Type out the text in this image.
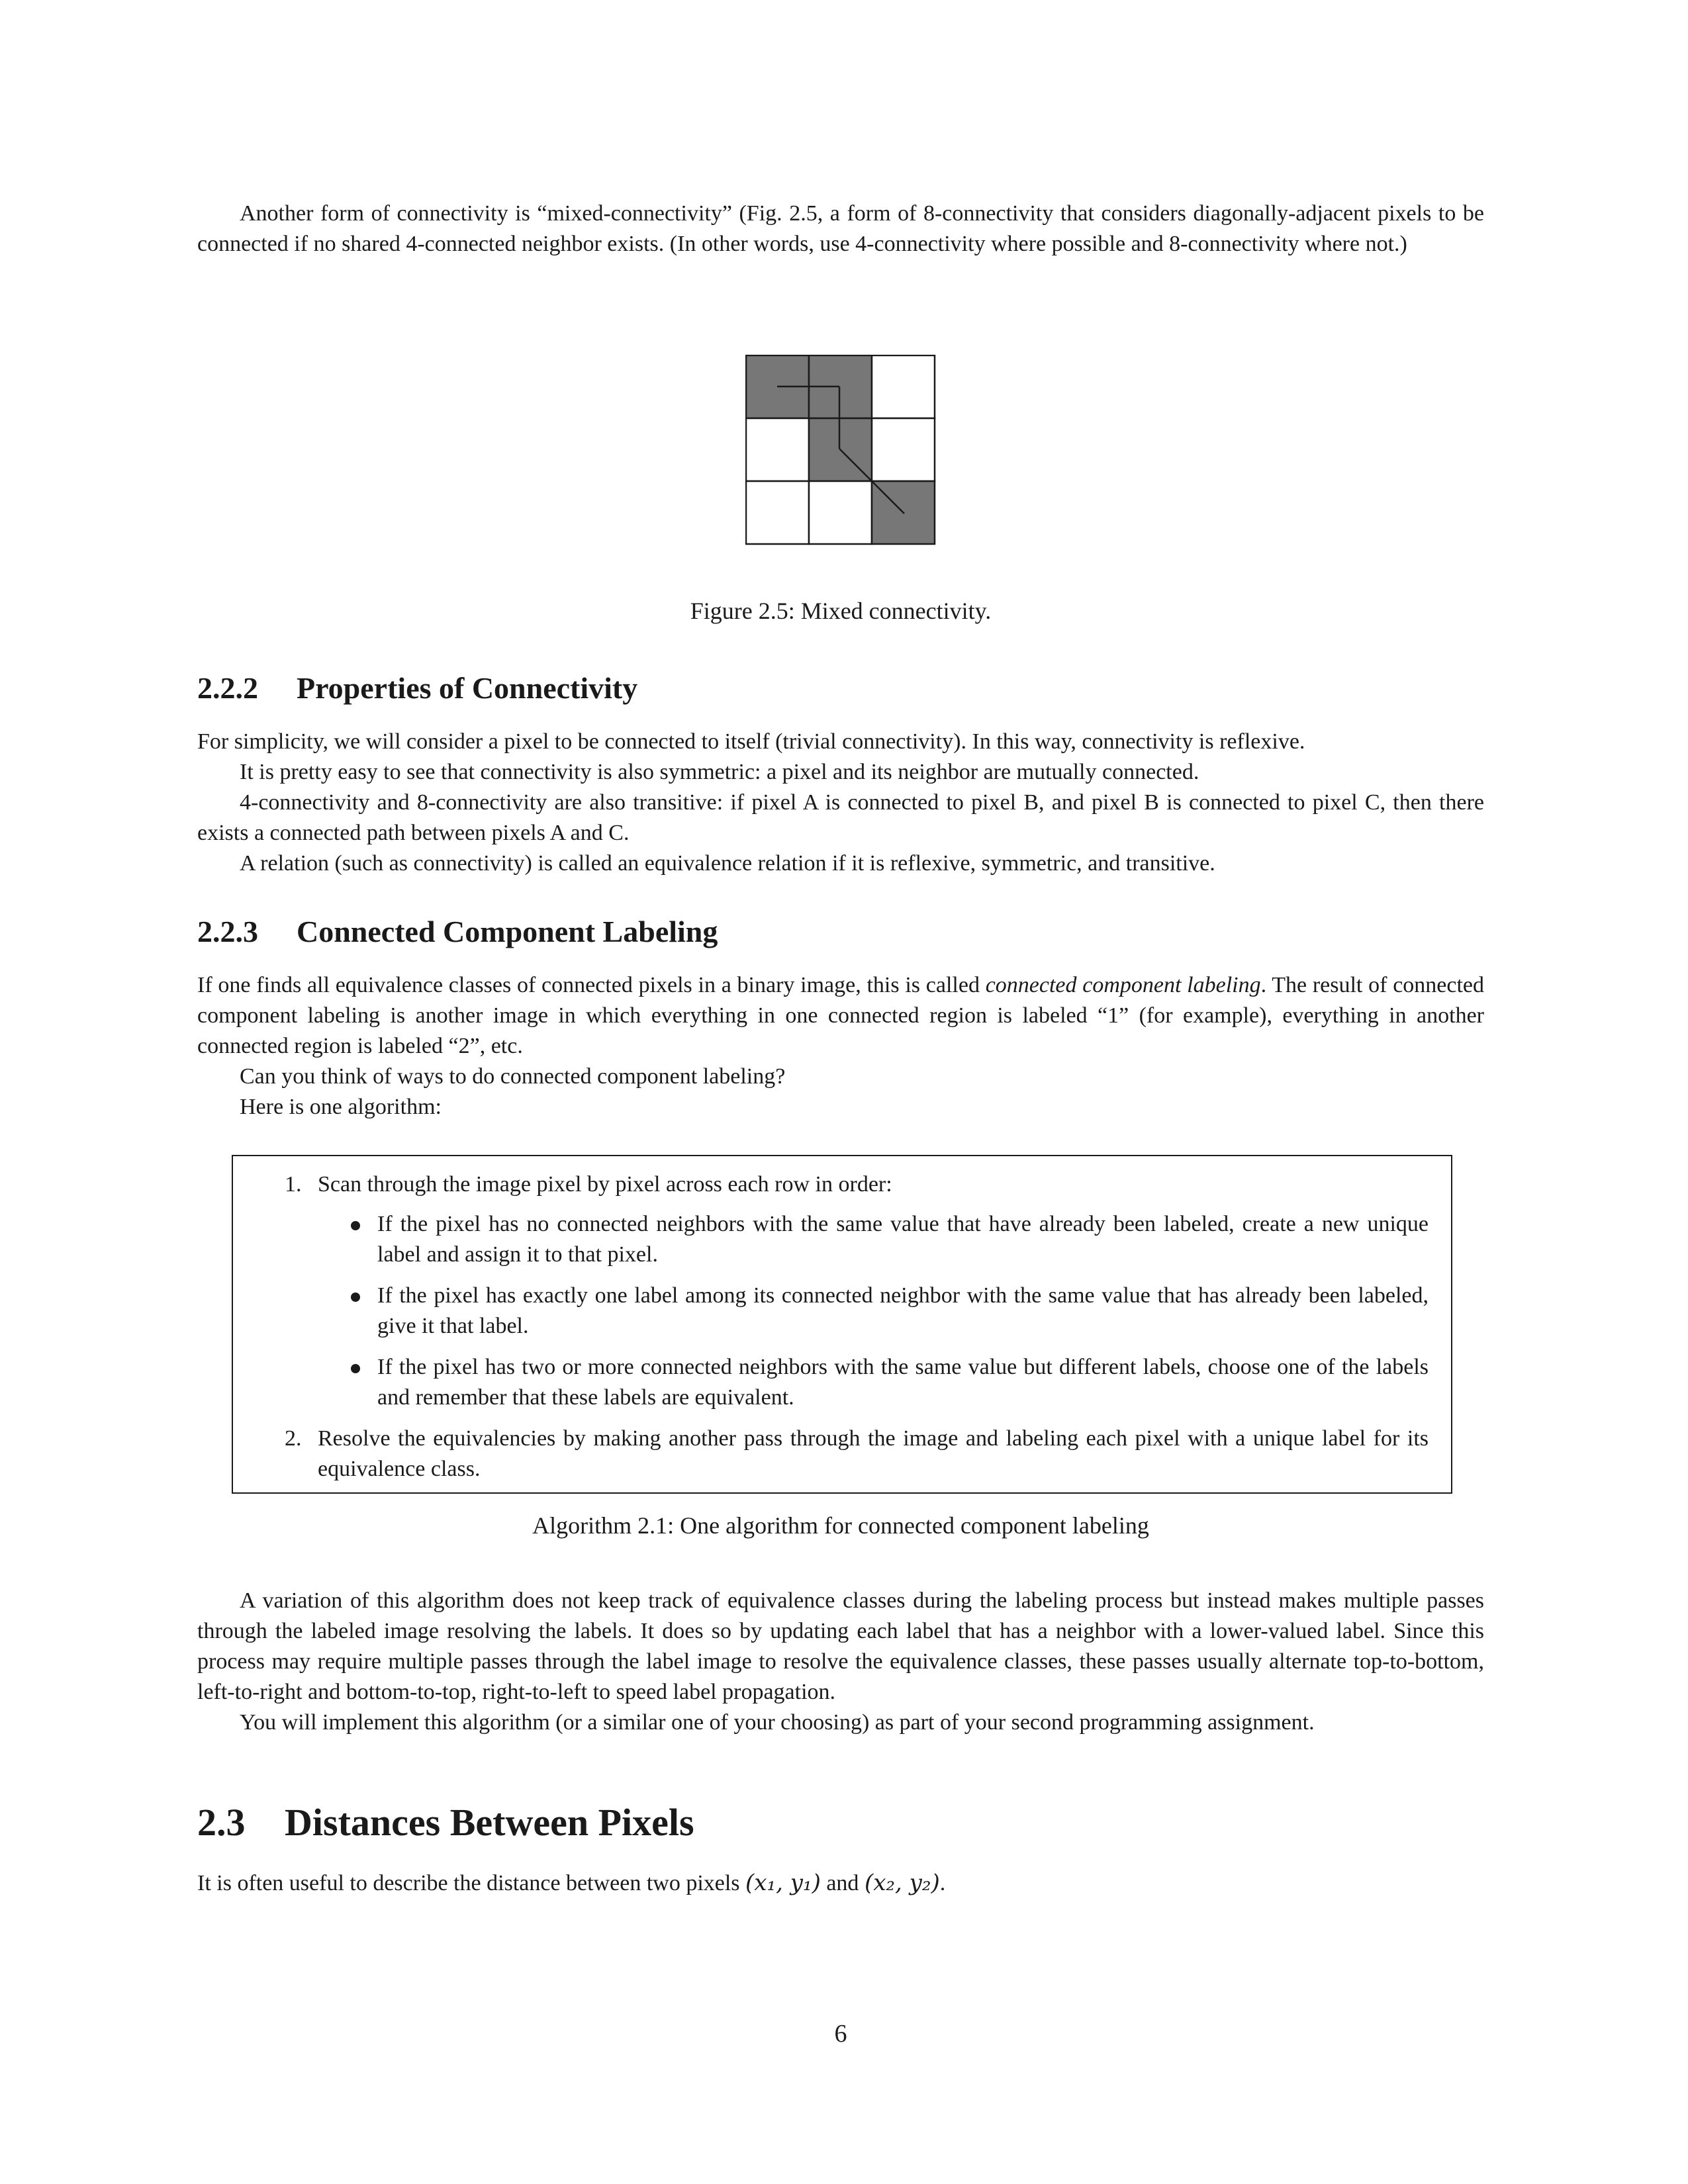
Another form of connectivity is “mixed-connectivity” (Fig. 2.5, a form of 8-connectivity that considers diagonally-adjacent pixels to be connected if no shared 4-connected neighbor exists. (In other words, use 4-connectivity where possible and 8-connectivity where not.)

Figure 2.5: Mixed connectivity.

2.2.2 Properties of Connectivity

For simplicity, we will consider a pixel to be connected to itself (trivial connectivity). In this way, connectivity is reflexive.

It is pretty easy to see that connectivity is also symmetric: a pixel and its neighbor are mutually connected.

4-connectivity and 8-connectivity are also transitive: if pixel A is connected to pixel B, and pixel B is connected to pixel C, then there exists a connected path between pixels A and C.

A relation (such as connectivity) is called an equivalence relation if it is reflexive, symmetric, and transitive.

2.2.3 Connected Component Labeling

If one finds all equivalence classes of connected pixels in a binary image, this is called connected component labeling. The result of connected component labeling is another image in which everything in one connected region is labeled “1” (for example), everything in another connected region is labeled “2”, etc.

Can you think of ways to do connected component labeling?

Here is one algorithm:

1. Scan through the image pixel by pixel across each row in order:

If the pixel has no connected neighbors with the same value that have already been labeled, create a new unique label and assign it to that pixel.

If the pixel has exactly one label among its connected neighbor with the same value that has already been labeled, give it that label.

If the pixel has two or more connected neighbors with the same value but different labels, choose one of the labels and remember that these labels are equivalent.

2. Resolve the equivalencies by making another pass through the image and labeling each pixel with a unique label for its equivalence class.

Algorithm 2.1: One algorithm for connected component labeling

A variation of this algorithm does not keep track of equivalence classes during the labeling process but instead makes multiple passes through the labeled image resolving the labels. It does so by updating each label that has a neighbor with a lower-valued label. Since this process may require multiple passes through the label image to resolve the equivalence classes, these passes usually alternate top-to-bottom, left-to-right and bottom-to-top, right-to-left to speed label propagation.

You will implement this algorithm (or a similar one of your choosing) as part of your second programming assignment.

2.3 Distances Between Pixels

It is often useful to describe the distance between two pixels (x₁, y₁) and (x₂, y₂).

6
